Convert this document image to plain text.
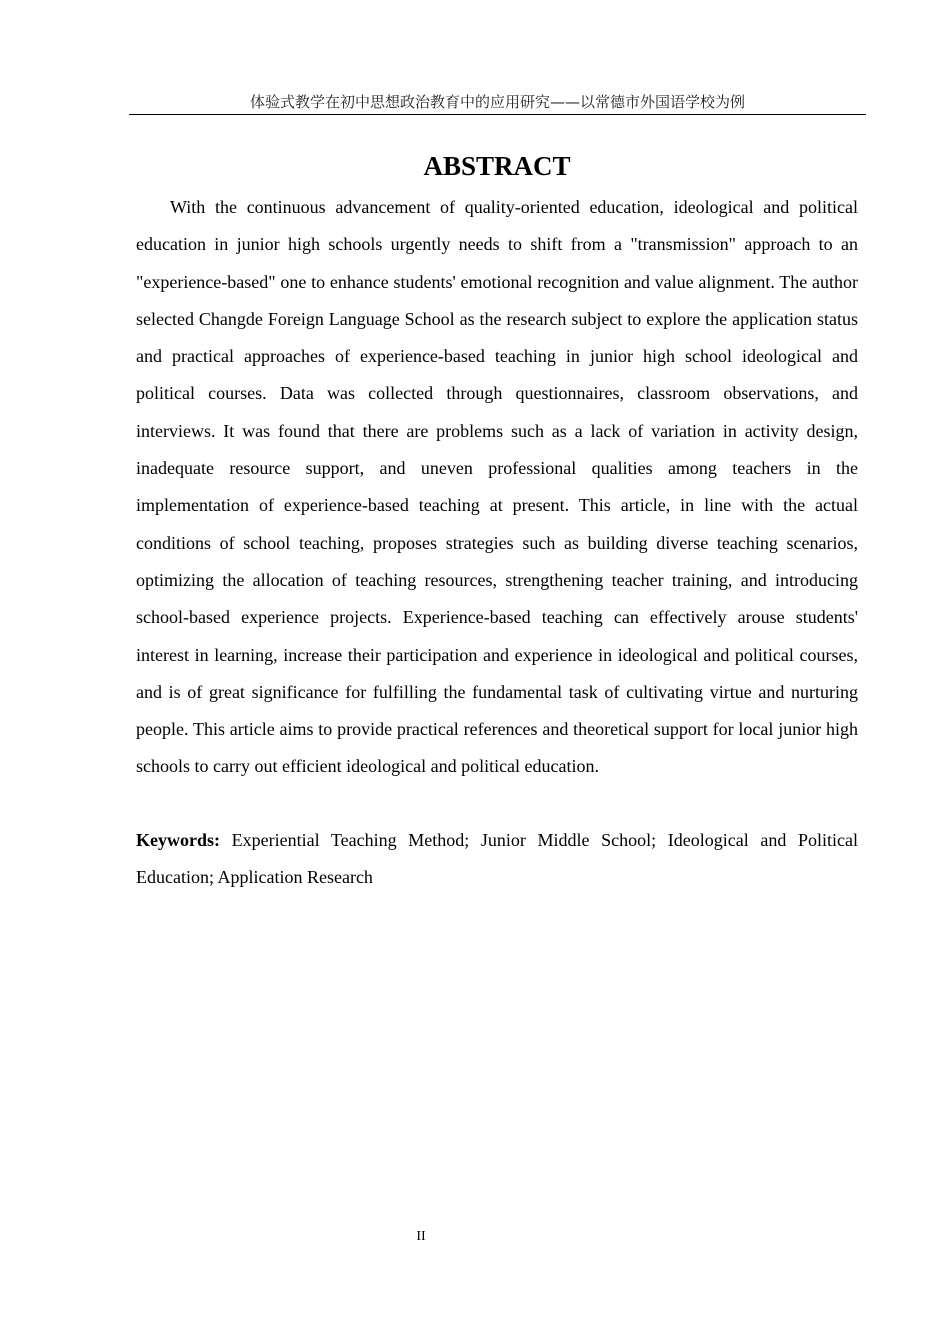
体验式教学在初中思想政治教育中的应用研究——以常德市外国语学校为例
ABSTRACT

With the continuous advancement of quality-oriented education, ideological and political education in junior high schools urgently needs to shift from a "transmission" approach to an "experience-based" one to enhance students' emotional recognition and value alignment. The author selected Changde Foreign Language School as the research subject to explore the application status and practical approaches of experience-based teaching in junior high school ideological and political courses. Data was collected through questionnaires, classroom observations, and interviews. It was found that there are problems such as a lack of variation in activity design, inadequate resource support, and uneven professional qualities among teachers in the implementation of experience-based teaching at present. This article, in line with the actual conditions of school teaching, proposes strategies such as building diverse teaching scenarios, optimizing the allocation of teaching resources, strengthening teacher training, and introducing school-based experience projects. Experience-based teaching can effectively arouse students' interest in learning, increase their participation and experience in ideological and political courses, and is of great significance for fulfilling the fundamental task of cultivating virtue and nurturing people. This article aims to provide practical references and theoretical support for local junior high schools to carry out efficient ideological and political education.

Keywords: Experiential Teaching Method; Junior Middle School; Ideological and Political Education; Application Research

II
